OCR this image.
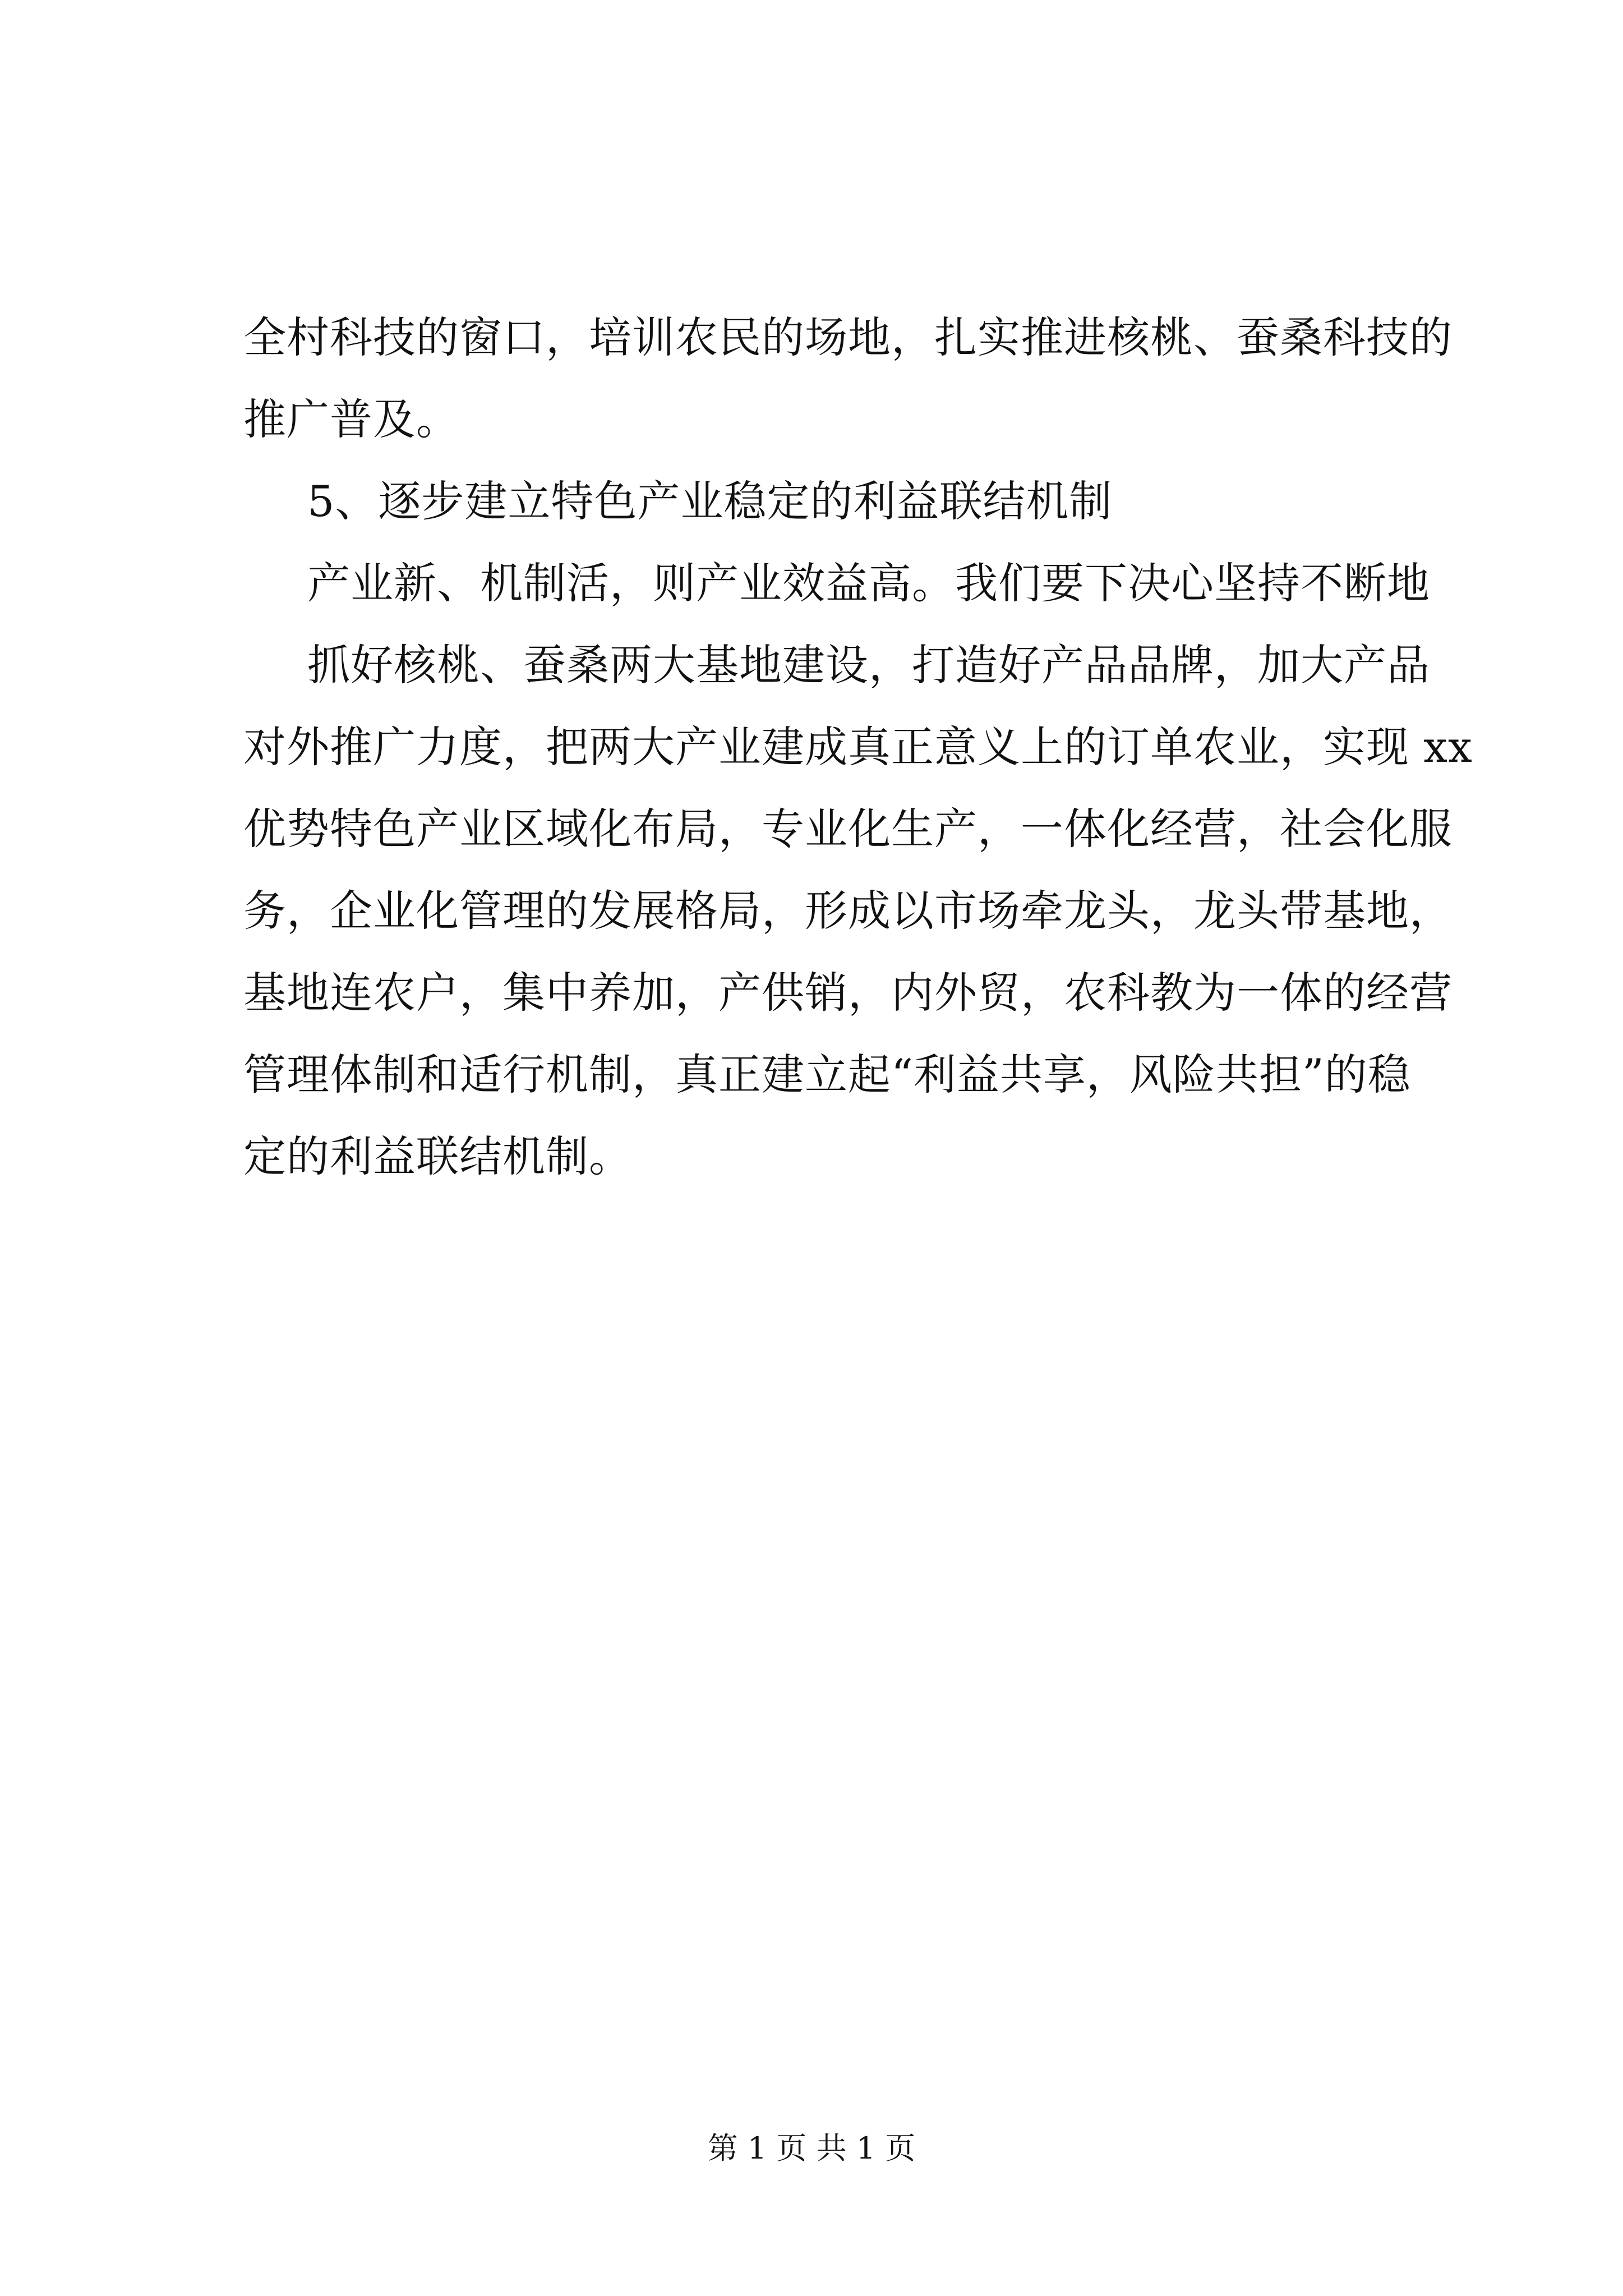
全村科技的窗口，培训农民的场地，扎实推进核桃、蚕桑科技的
推广普及。
5、逐步建立特色产业稳定的利益联结机制
产业新、机制活，则产业效益高。我们要下决心坚持不断地
抓好核桃、蚕桑两大基地建设，打造好产品品牌，加大产品
对外推广力度，把两大产业建成真正意义上的订单农业，实现 xx
优势特色产业区域化布局，专业化生产，一体化经营，社会化服
务，企业化管理的发展格局，形成以市场牵龙头，龙头带基地，
基地连农户，集中养加，产供销，内外贸，农科教为一体的经营
管理体制和适行机制，真正建立起“利益共享，风险共担”的稳
定的利益联结机制。
第 1 页 共 1 页
